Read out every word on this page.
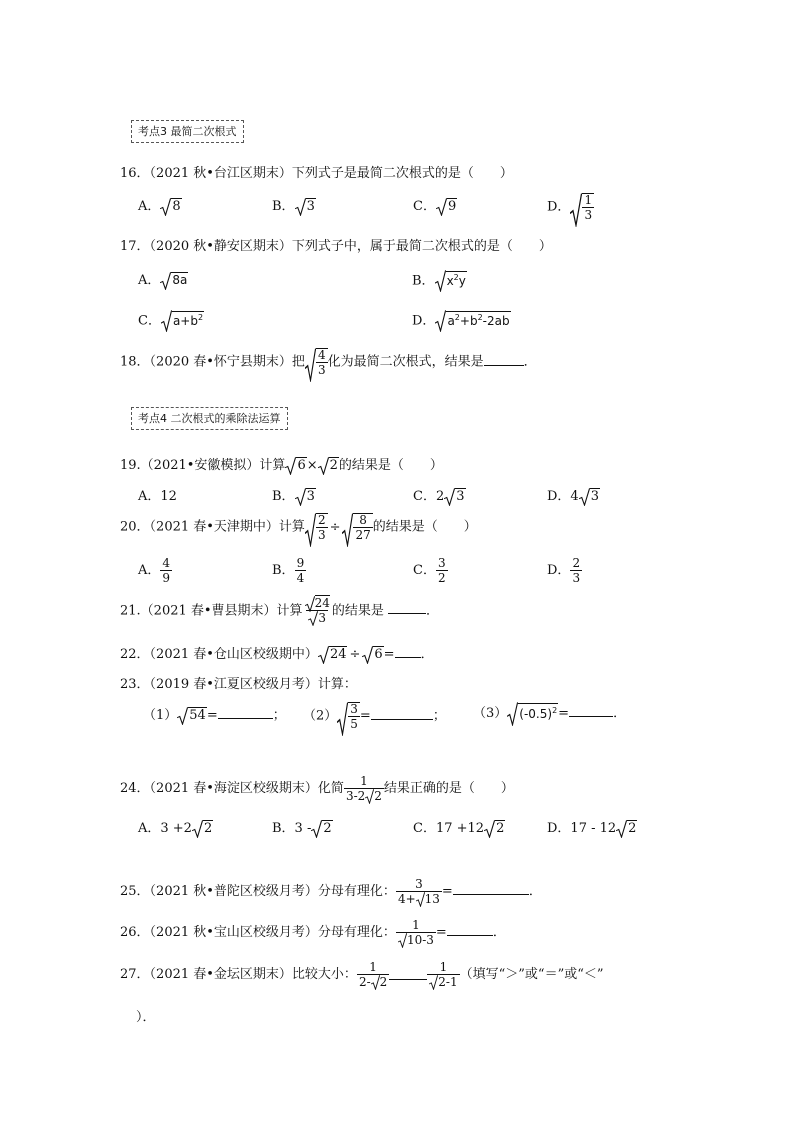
考点3 最简二次根式
16．（2021 秋•台江区期末）下列式子是最简二次根式的是（　　）
A． 8	B． 3	C． 9	D． $\frac{1}{3}$
17．（2020 秋•静安区期末）下列式子中，属于最简二次根式的是（　　）
A． 8a	B． $x^2y$
C． $a+b^2$	D． $a^2+b^2-2ab$
18．（2020 春•怀宁县期末）把 $\frac{4}{3}$ 化为最简二次根式，结果是	．
考点4 二次根式的乘除法运算
19.（2021•安徽模拟）计算 6× 2的结果是（　　）
A．12	B． 3	C．2 3	D．4 3
20．（2021 春•天津期中）计算 $\frac{2}{3} \div \frac{8}{27}$ 的结果是（　　）
A． $\frac{4}{9}$	B． $\frac{9}{4}$	C． $\frac{3}{2}$	D． $\frac{2}{3}$
21.（2021 春•曹县期末）计算 $\frac{24}{3}$ 的结果是	．
22．（2021 春•仓山区校级期中） 24 ÷ 6= ．
23．（2019 春•江夏区校级月考）计算：
（1） 54=	； $(2) \frac{3}{5}$ =	； （3） $(-0.5)^2=$	．
24．（2021 春•海淀区校级期末）化简 $\frac{1}{3-2 2}$ 结果正确的是（　　）
A．3 +2 2	B．3 - 2	C．17 +12 2	D．17 - 12 2
25．（2021 秋•普陀区校级月考）分母有理化： $\frac{3}{4+ 13}$ =	．
26．（2021 秋•宝山区校级月考）分母有理化： $\frac{1}{10-3}$ =	．
27．（2021 春•金坛区期末）比较大小： $\frac{1}{2- 2}$	$\frac{1}{2-1}$ （填写“＞”或“＝”或“＜”
）．
